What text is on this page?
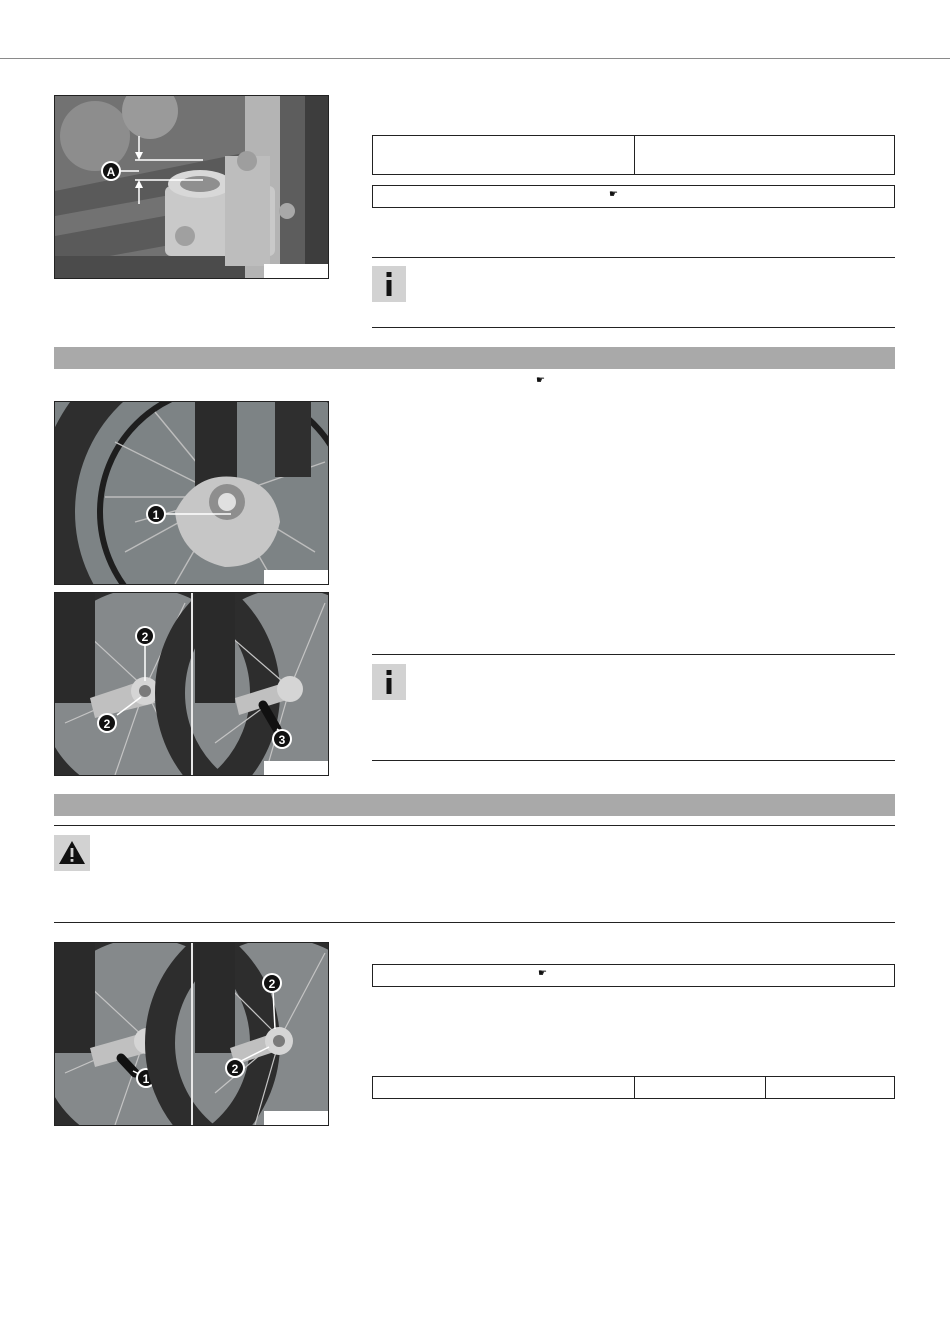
A
☛
☛
1
2
2
3
1
2
2
☛
